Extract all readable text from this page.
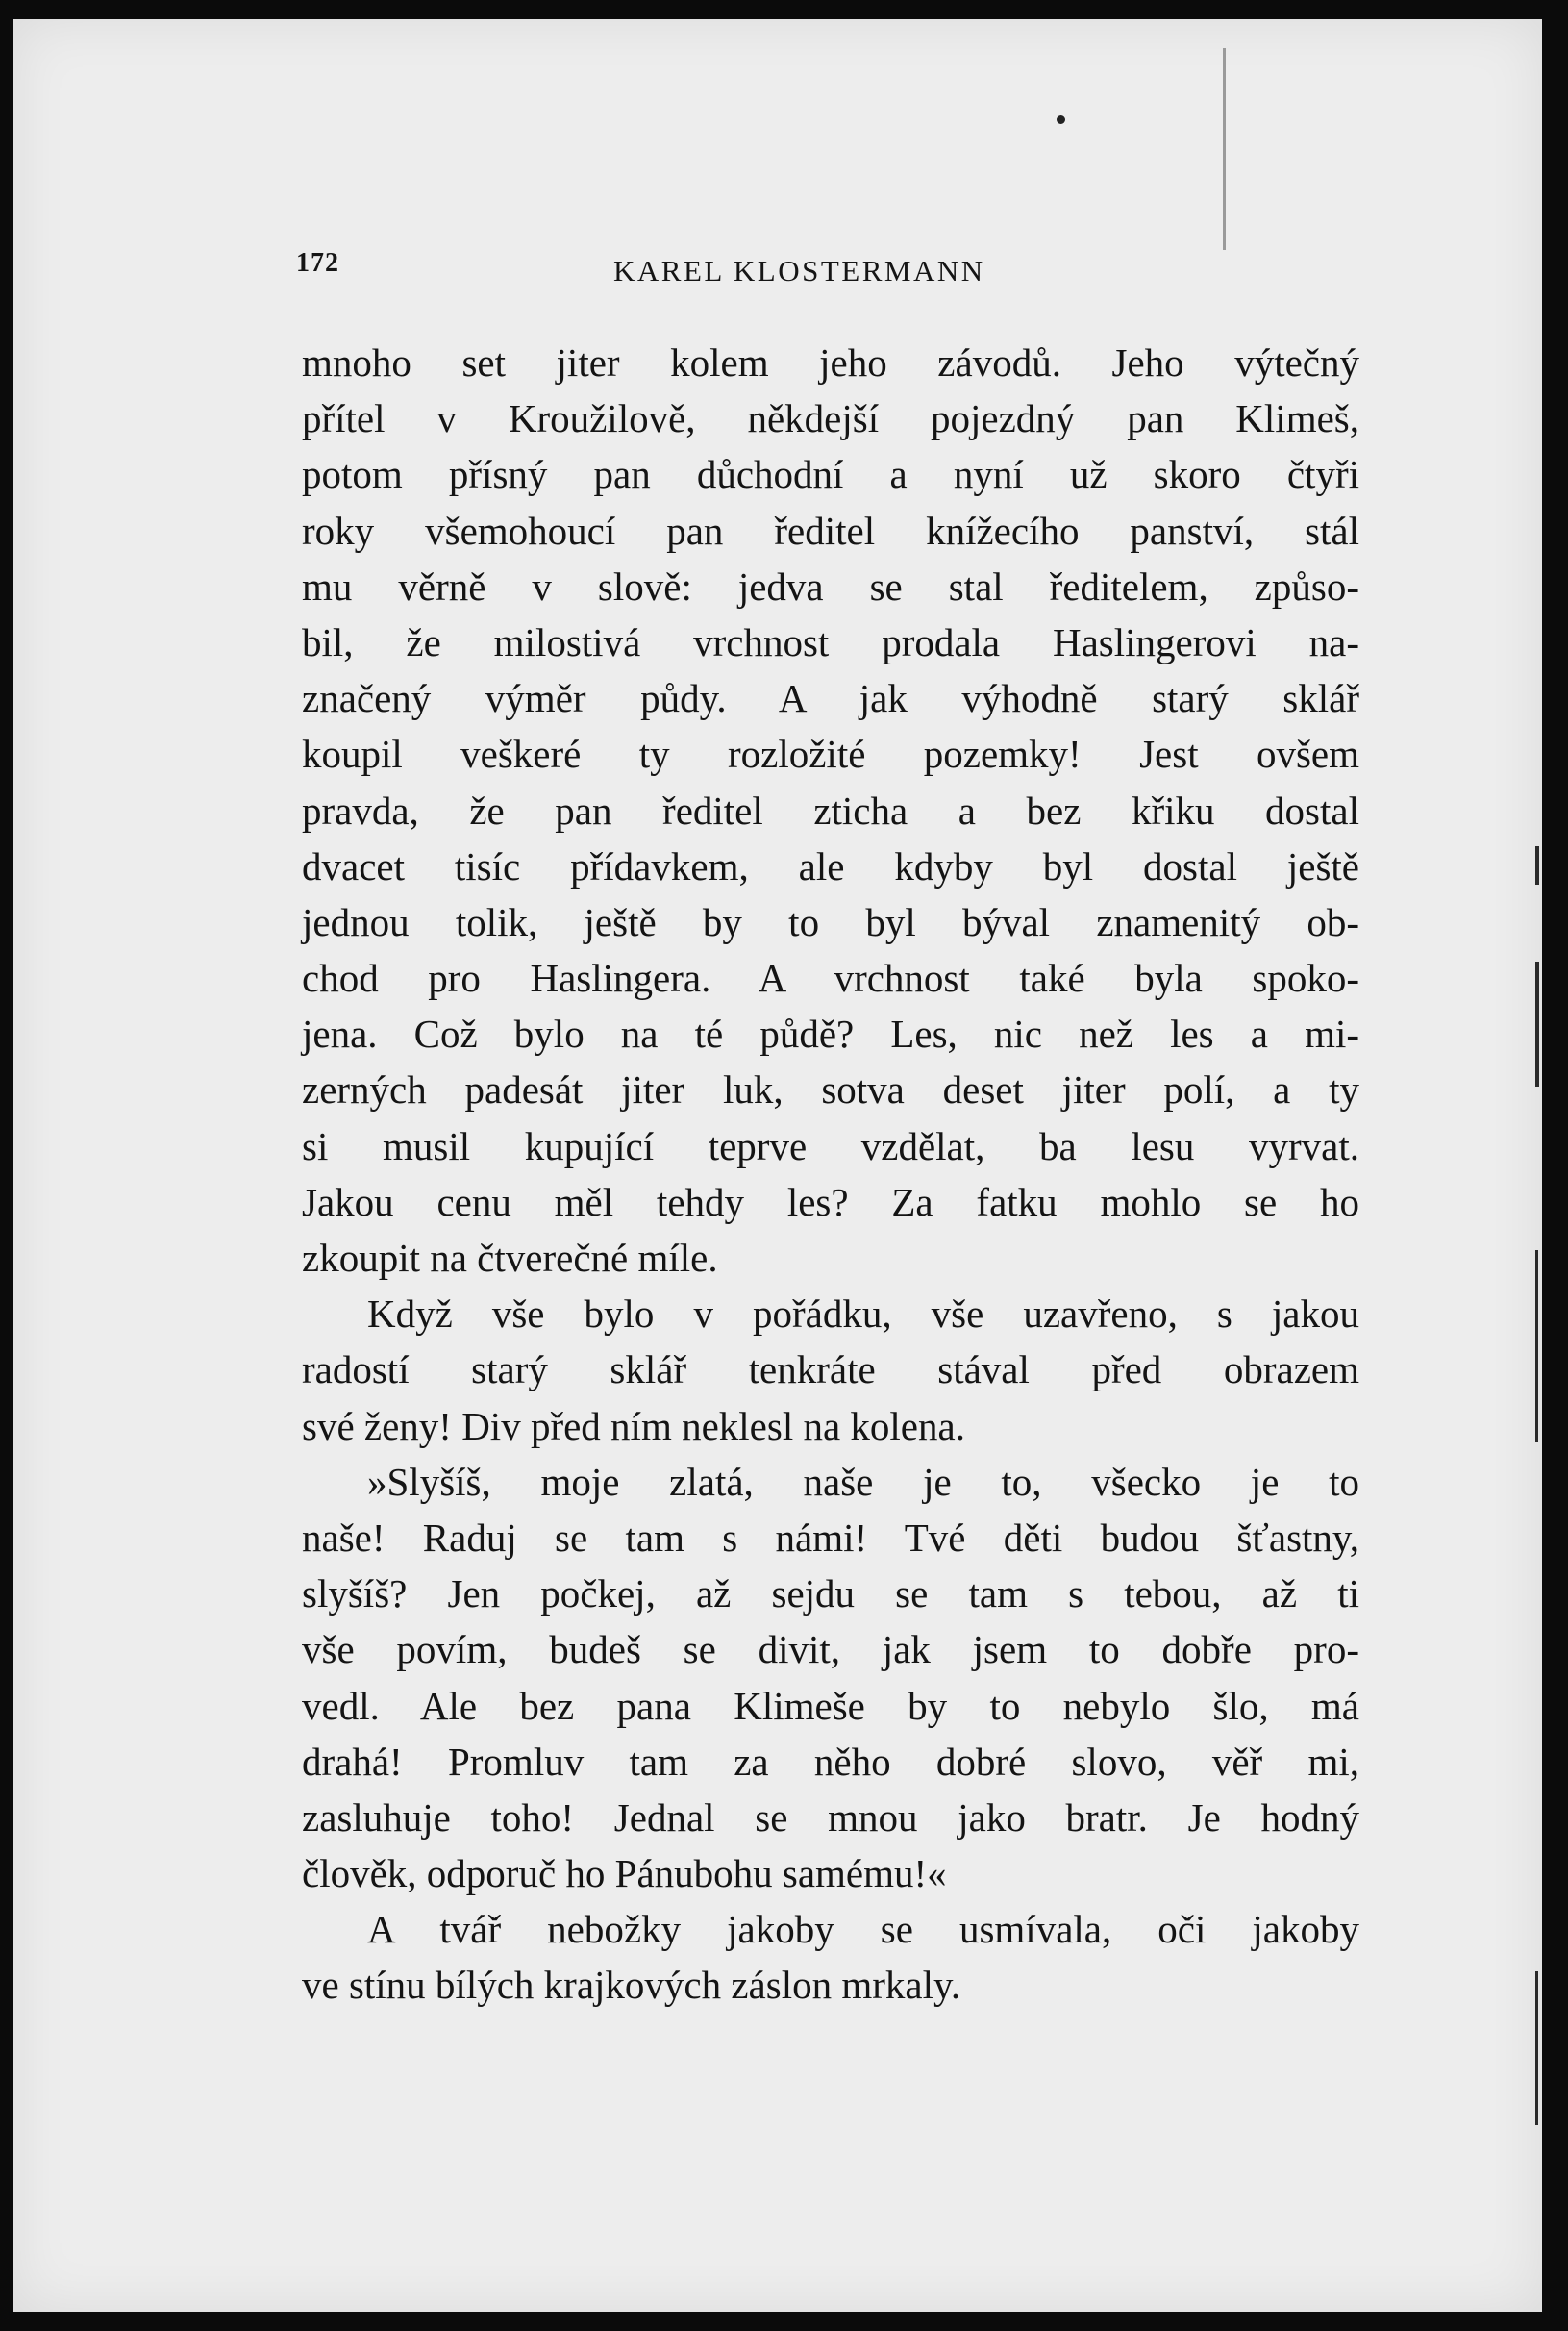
172	KAREL KLOSTERMANN
mnoho set jiter kolem jeho závodů. Jeho výtečný
přítel v Kroužilově, někdejší pojezdný pan Klimeš,
potom přísný pan důchodní a nyní už skoro čtyři
roky všemohoucí pan ředitel knížecího panství, stál
mu věrně v slově: jedva se stal ředitelem, způso-
bil, že milostivá vrchnost prodala Haslingerovi na-
značený výměr půdy. A jak výhodně starý sklář
koupil veškeré ty rozložité pozemky! Jest ovšem
pravda, že pan ředitel zticha a bez křiku dostal
dvacet tisíc přídavkem, ale kdyby byl dostal ještě
jednou tolik, ještě by to byl býval znamenitý ob-
chod pro Haslingera. A vrchnost také byla spoko-
jena. Což bylo na té půdě? Les, nic než les a mi-
zerných padesát jiter luk, sotva deset jiter polí, a ty
si musil kupující teprve vzdělat, ba lesu vyrvat.
Jakou cenu měl tehdy les? Za fatku mohlo se ho
zkoupit na čtverečné míle.
Když vše bylo v pořádku, vše uzavřeno, s jakou
radostí starý sklář tenkráte stával před obrazem
své ženy! Div před ním neklesl na kolena.
»Slyšíš, moje zlatá, naše je to, všecko je to
naše! Raduj se tam s námi! Tvé děti budou šťastny,
slyšíš? Jen počkej, až sejdu se tam s tebou, až ti
vše povím, budeš se divit, jak jsem to dobře pro-
vedl. Ale bez pana Klimeše by to nebylo šlo, má
drahá! Promluv tam za něho dobré slovo, věř mi,
zasluhuje toho! Jednal se mnou jako bratr. Je hodný
člověk, odporuč ho Pánubohu samému!«
A tvář nebožky jakoby se usmívala, oči jakoby
ve stínu bílých krajkových záslon mrkaly.
